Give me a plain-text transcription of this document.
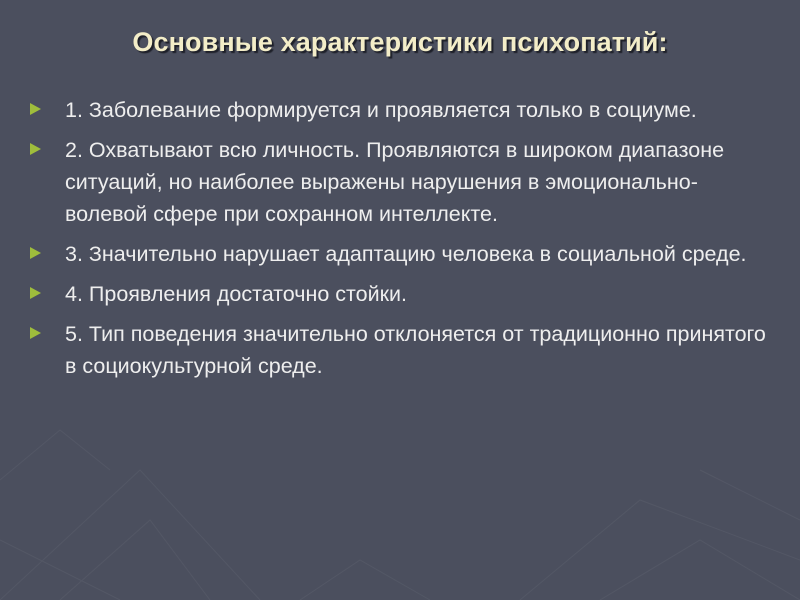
Основные характеристики психопатий:
1. Заболевание формируется и проявляется только в социуме.
2. Охватывают всю личность. Проявляются в широком диапазоне ситуаций, но наиболее выражены нарушения в эмоционально-волевой сфере при сохранном интеллекте.
3. Значительно нарушает адаптацию человека в социальной среде.
4. Проявления достаточно стойки.
5. Тип поведения значительно отклоняется от традиционно принятого в социокультурной среде.
